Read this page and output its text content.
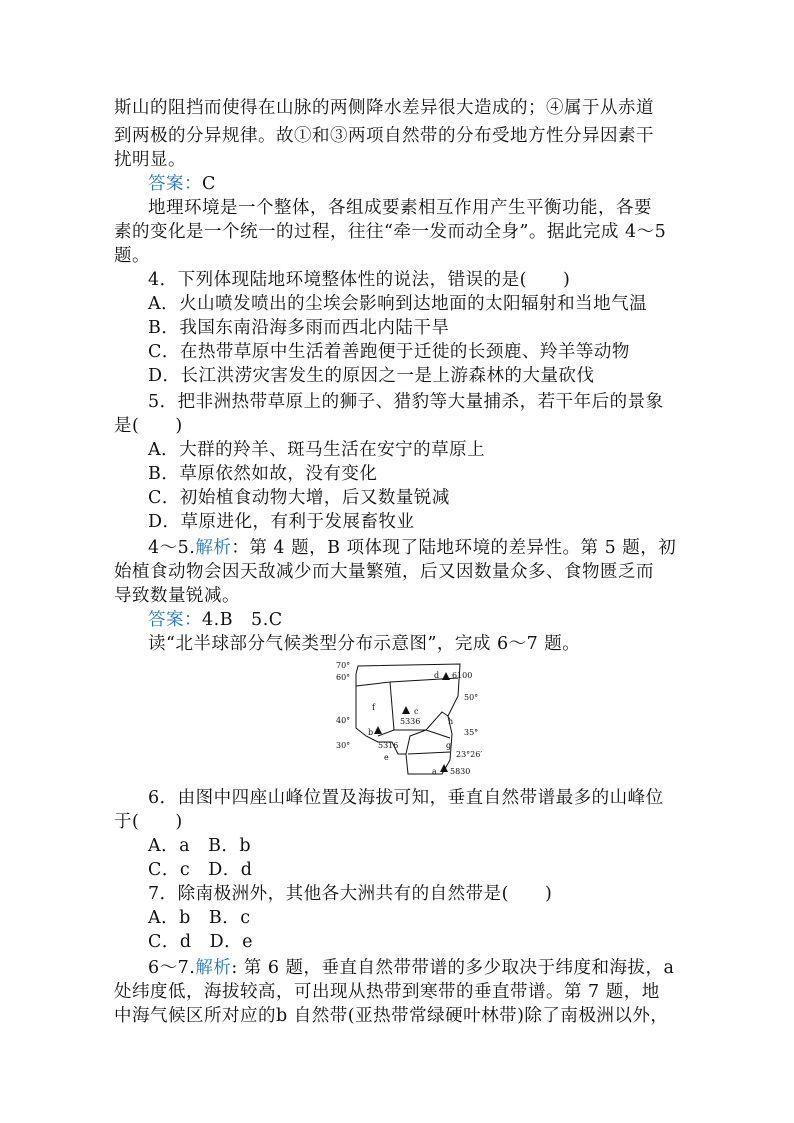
斯山的阻挡而使得在山脉的两侧降水差异很大造成的；④属于从赤道
到两极的分异规律。故①和③两项自然带的分布受地方性分异因素干
扰明显。
答案：C
地理环境是一个整体，各组成要素相互作用产生平衡功能，各要
素的变化是一个统一的过程，往往“牵一发而动全身”。据此完成 4～5
题。
4．下列体现陆地环境整体性的说法，错误的是(　　)
A．火山喷发喷出的尘埃会影响到达地面的太阳辐射和当地气温
B．我国东南沿海多雨而西北内陆干旱
C．在热带草原中生活着善跑便于迁徙的长颈鹿、羚羊等动物
D．长江洪涝灾害发生的原因之一是上游森林的大量砍伐
5．把非洲热带草原上的狮子、猎豹等大量捕杀，若干年后的景象
是(　　)
A．大群的羚羊、斑马生活在安宁的草原上
B．草原依然如故，没有变化
C．初始植食动物大增，后又数量锐减
D．草原进化，有利于发展畜牧业
4～5.解析：第 4 题，B 项体现了陆地环境的差异性。第 5 题，初
始植食动物会因天敌减少而大量繁殖，后又因数量众多、食物匮乏而
导致数量锐减。
答案：4.B　5.C
读“北半球部分气候类型分布示意图”，完成 6～7 题。
70°
60°
50°
40°
35°
30°
23°26′
f	c
h
b
e
g
a
d 6100
5336
5316
5830
6．由图中四座山峰位置及海拔可知，垂直自然带谱最多的山峰位
于(　　)
A．a　B．b
C．c　D．d
7．除南极洲外，其他各大洲共有的自然带是(　　)
A．b　B．c
C．d　D．e
6～7.解析: 第 6 题，垂直自然带带谱的多少取决于纬度和海拔，a
处纬度低，海拔较高，可出现从热带到寒带的垂直带谱。第 7 题，地
中海气候区所对应的b 自然带(亚热带常绿硬叶林带)除了南极洲以外，
